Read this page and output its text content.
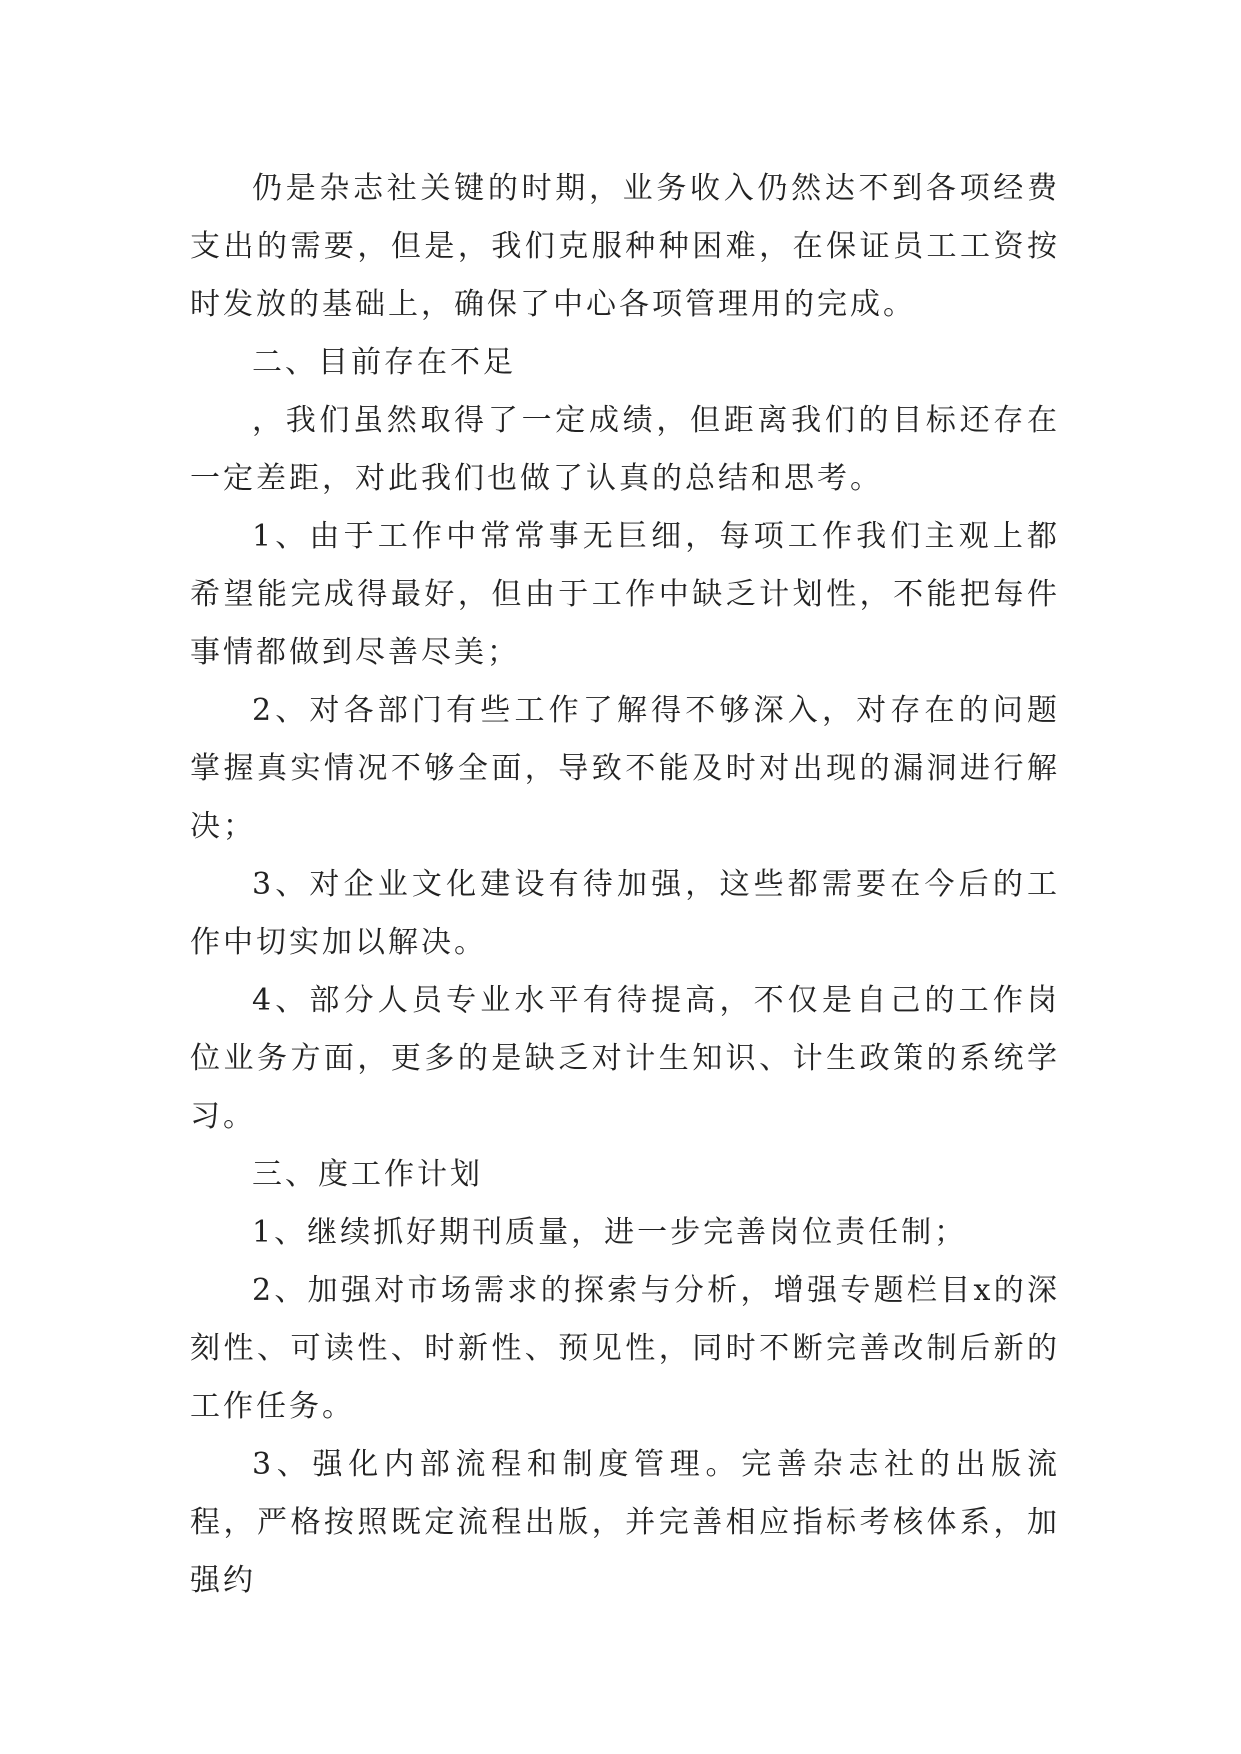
仍是杂志社关键的时期，业务收入仍然达不到各项经费支出的需要，但是，我们克服种种困难，在保证员工工资按时发放的基础上，确保了中心各项管理用的完成。

二、目前存在不足

，我们虽然取得了一定成绩，但距离我们的目标还存在一定差距，对此我们也做了认真的总结和思考。

1、由于工作中常常事无巨细，每项工作我们主观上都希望能完成得最好，但由于工作中缺乏计划性，不能把每件事情都做到尽善尽美；

2、对各部门有些工作了解得不够深入，对存在的问题掌握真实情况不够全面，导致不能及时对出现的漏洞进行解决；

3、对企业文化建设有待加强，这些都需要在今后的工作中切实加以解决。

4、部分人员专业水平有待提高，不仅是自己的工作岗位业务方面，更多的是缺乏对计生知识、计生政策的系统学习。

三、度工作计划

1、继续抓好期刊质量，进一步完善岗位责任制；

2、加强对市场需求的探索与分析，增强专题栏目x的深刻性、可读性、时新性、预见性，同时不断完善改制后新的工作任务。

3、强化内部流程和制度管理。完善杂志社的出版流程，严格按照既定流程出版，并完善相应指标考核体系，加强约
